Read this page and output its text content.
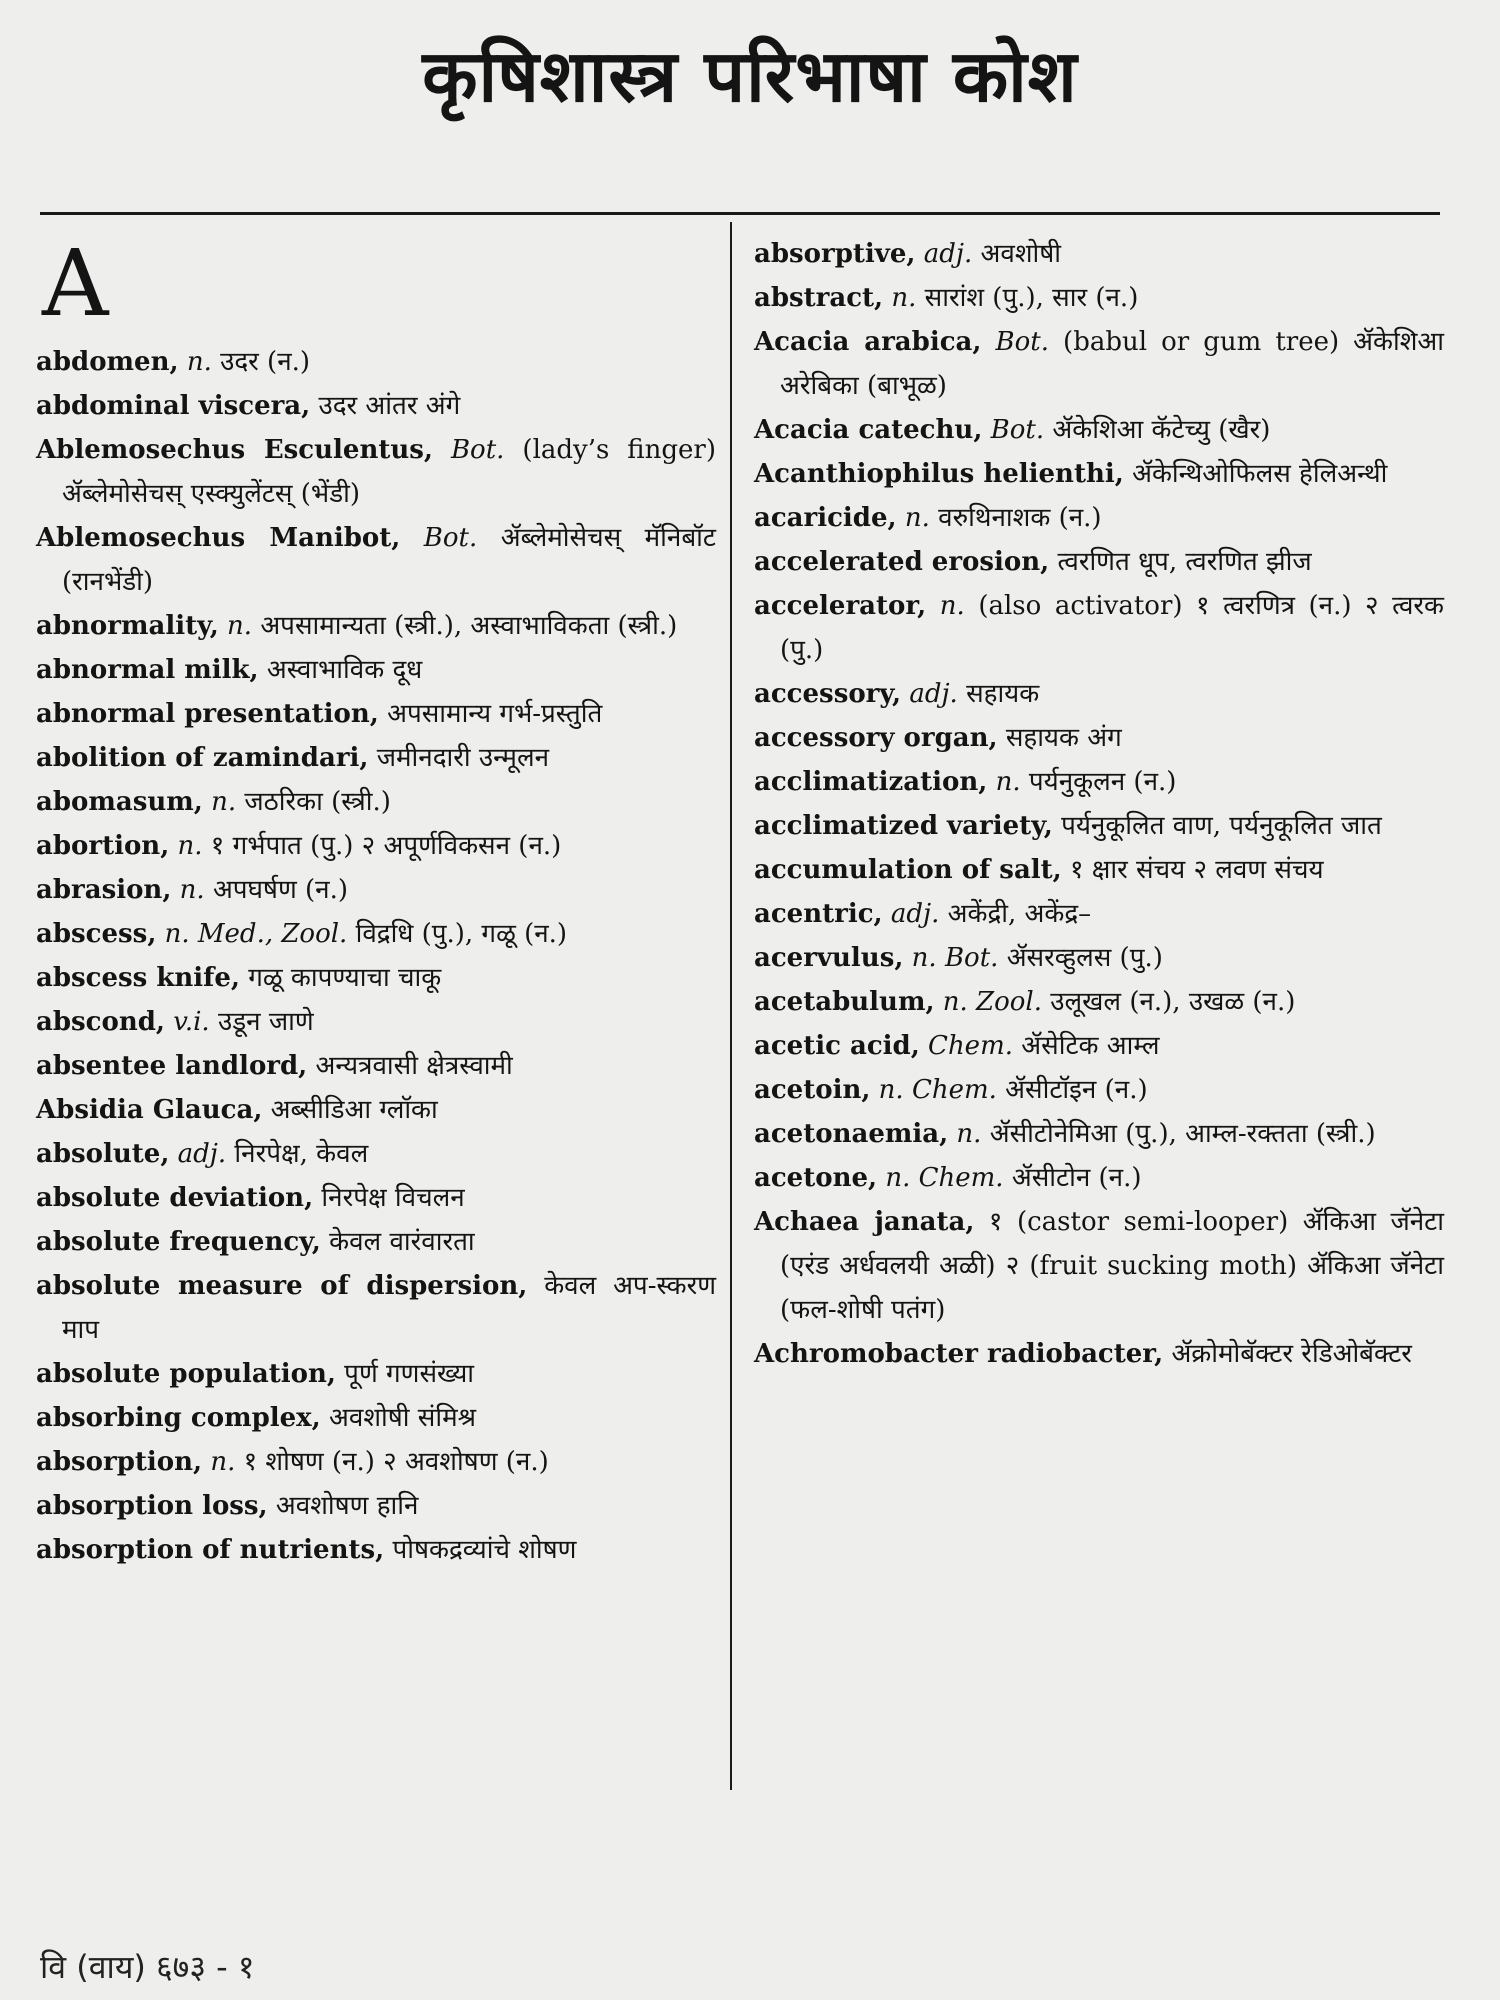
कृषिशास्त्र परिभाषा कोश
A
abdomen, n. उदर (न.)
abdominal viscera, उदर आंतर अंगे
Ablemosechus Esculentus, Bot. (lady’s finger) ॲब्लेमोसेचस् एस्क्युलेंटस् (भेंडी)
Ablemosechus Manibot, Bot. ॲब्लेमोसेचस् मॅनिबॉट (रानभेंडी)
abnormality, n. अपसामान्यता (स्त्री.), अस्वाभाविकता (स्त्री.)
abnormal milk, अस्वाभाविक दूध
abnormal presentation, अपसामान्य गर्भ-प्रस्तुति
abolition of zamindari, जमीनदारी उन्मूलन
abomasum, n. जठरिका (स्त्री.)
abortion, n. १ गर्भपात (पु.) २ अपूर्णविकसन (न.)
abrasion, n. अपघर्षण (न.)
abscess, n. Med., Zool. विद्रधि (पु.), गळू (न.)
abscess knife, गळू कापण्याचा चाकू
abscond, v.i. उडून जाणे
absentee landlord, अन्यत्रवासी क्षेत्रस्वामी
Absidia Glauca, अब्सीडिआ ग्लॉका
absolute, adj. निरपेक्ष, केवल
absolute deviation, निरपेक्ष विचलन
absolute frequency, केवल वारंवारता
absolute measure of dispersion, केवल अप-स्करण माप
absolute population, पूर्ण गणसंख्या
absorbing complex, अवशोषी संमिश्र
absorption, n. १ शोषण (न.) २ अवशोषण (न.)
absorption loss, अवशोषण हानि
absorption of nutrients, पोषकद्रव्यांचे शोषण
absorptive, adj. अवशोषी
abstract, n. सारांश (पु.), सार (न.)
Acacia arabica, Bot. (babul or gum tree) ॲकेशिआ अरेबिका (बाभूळ)
Acacia catechu, Bot. ॲकेशिआ कॅटेच्यु (खैर)
Acanthiophilus helienthi, ॲकेन्थिओफिलस हेलिअन्थी
acaricide, n. वरुथिनाशक (न.)
accelerated erosion, त्वरणित धूप, त्वरणित झीज
accelerator, n. (also activator) १ त्वरणित्र (न.) २ त्वरक (पु.)
accessory, adj. सहायक
accessory organ, सहायक अंग
acclimatization, n. पर्यनुकूलन (न.)
acclimatized variety, पर्यनुकूलित वाण, पर्यनुकूलित जात
accumulation of salt, १ क्षार संचय २ लवण संचय
acentric, adj. अकेंद्री, अकेंद्र–
acervulus, n. Bot. ॲसरव्हुलस (पु.)
acetabulum, n. Zool. उलूखल (न.), उखळ (न.)
acetic acid, Chem. ॲसेटिक आम्ल
acetoin, n. Chem. ॲसीटॉइन (न.)
acetonaemia, n. ॲसीटोनेमिआ (पु.), आम्ल-रक्तता (स्त्री.)
acetone, n. Chem. ॲसीटोन (न.)
Achaea janata, १ (castor semi-looper) ॲकिआ जॅनेटा (एरंड अर्धवलयी अळी) २ (fruit sucking moth) ॲकिआ जॅनेटा (फल-शोषी पतंग)
Achromobacter radiobacter, ॲक्रोमोबॅक्टर रेडिओबॅक्टर
वि (वाय) ६७३ - १
